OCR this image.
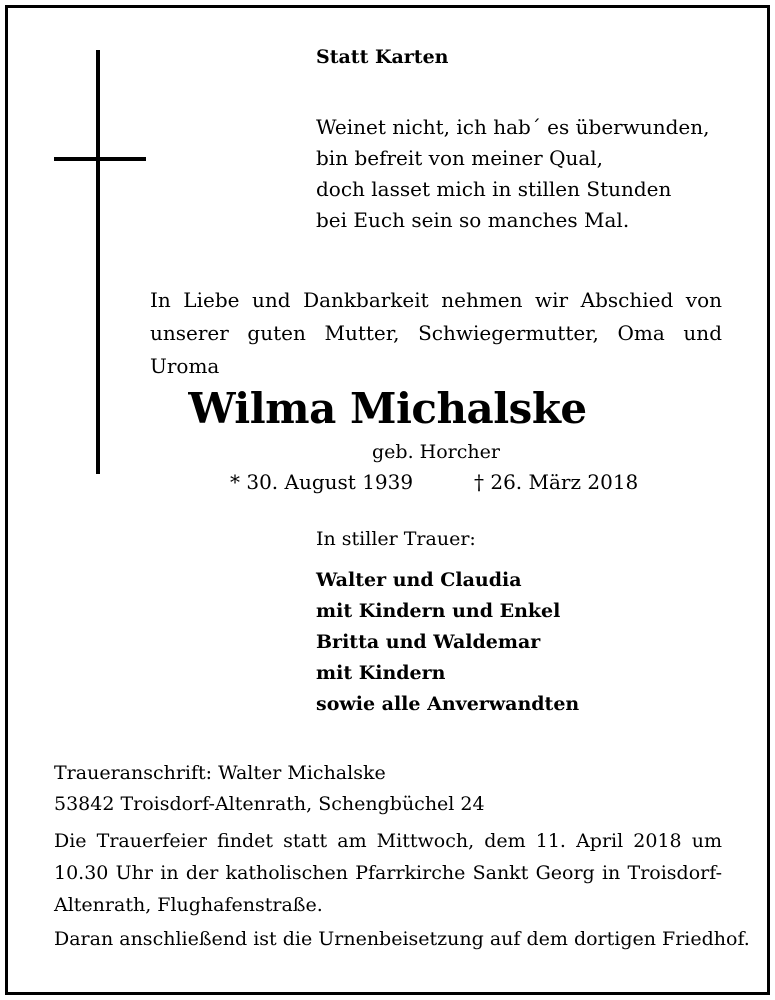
Statt Karten
Weinet nicht, ich hab´ es überwunden,
bin befreit von meiner Qual,
doch lasset mich in stillen Stunden
bei Euch sein so manches Mal.
In Liebe und Dankbarkeit nehmen wir Abschied von
unserer guten Mutter, Schwiegermutter, Oma und Uroma
Wilma Michalske
geb. Horcher
* 30. August 1939	† 26. März 2018
In stiller Trauer:
Walter und Claudia
mit Kindern und Enkel
Britta und Waldemar
mit Kindern
sowie alle Anverwandten
Traueranschrift: Walter Michalske
53842 Troisdorf-Altenrath, Schengbüchel 24
Die Trauerfeier findet statt am Mittwoch, dem 11. April 2018 um
10.30 Uhr in der katholischen Pfarrkirche Sankt Georg in Troisdorf-
Altenrath, Flughafenstraße.
Daran anschließend ist die Urnenbeisetzung auf dem dortigen Friedhof.
